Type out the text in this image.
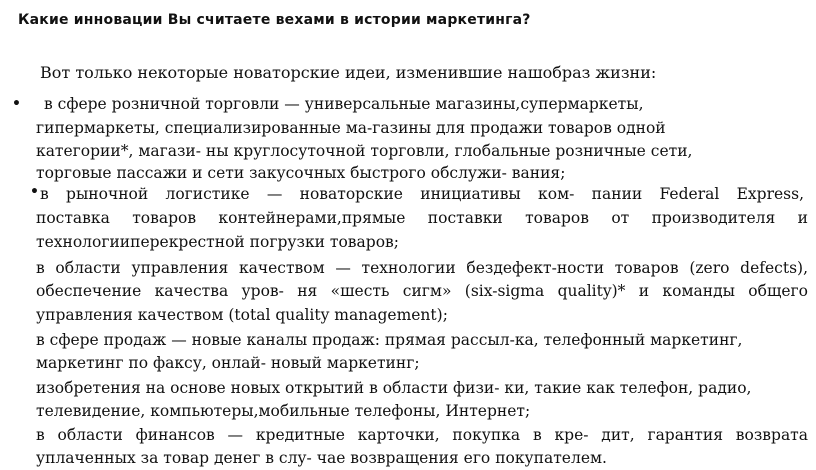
Какие инновации Вы считаете вехами в истории маркетинга?
Вот только некоторые новаторские идеи, изменившие нашобраз жизни:
•
•
в сфере розничной торговли — универсальные магазины,супермаркеты,
гипермаркеты, специализированные ма-газины для продажи товаров одной
категории*, магази- ны круглосуточной торговли, глобальные розничные сети,
торговые пассажи и сети закусочных быстрого обслужи- вания;
в рыночной логистике — новаторские инициативы ком- пании Federal Express,
поставка товаров контейнерами,прямые поставки товаров от производителя и
технологииперекрестной погрузки товаров;
в области управления качеством — технологии бездефект-ности товаров (zero defects),
обеспечение качества уров- ня «шесть сигм» (six-sigma quality)* и команды общего
управления качеством (total quality management);
в сфере продаж — новые каналы продаж: прямая рассыл-ка, телефонный маркетинг,
маркетинг по факсу, онлай- новый маркетинг;
изобретения на основе новых открытий в области физи- ки, такие как телефон, радио,
телевидение, компьютеры,мобильные телефоны, Интернет;
в области финансов — кредитные карточки, покупка в кре- дит, гарантия возврата
уплаченных за товар денег в слу- чае возвращения его покупателем.
